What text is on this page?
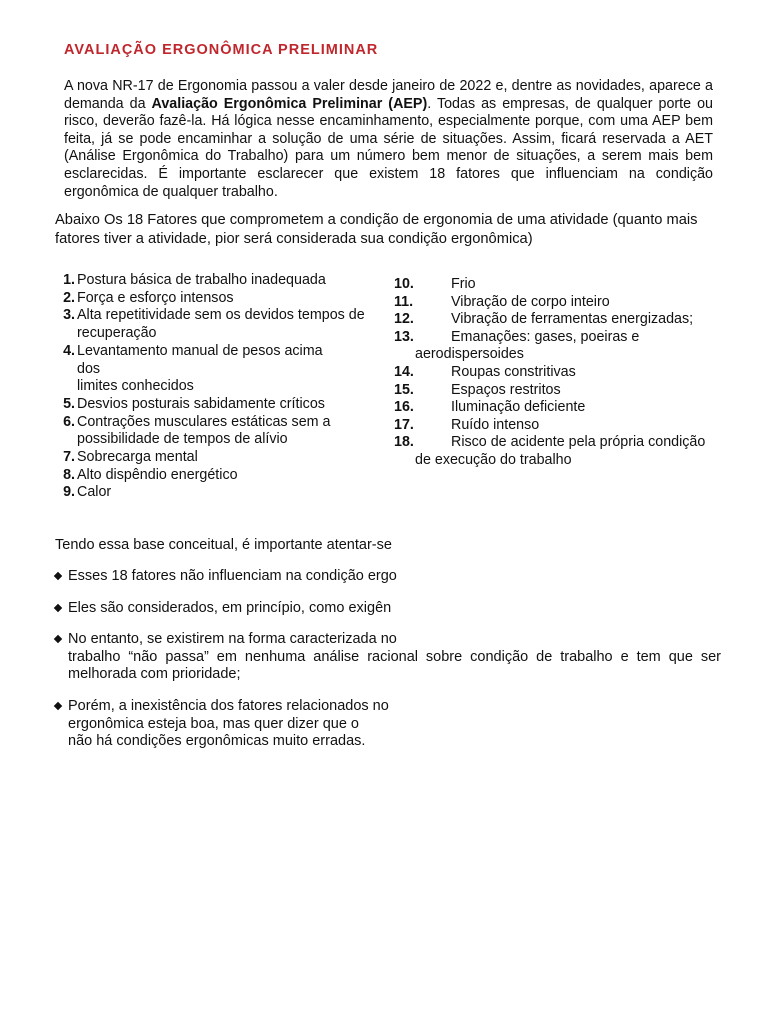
AVALIAÇÃO ERGONÔMICA PRELIMINAR

A nova NR-17 de Ergonomia passou a valer desde janeiro de 2022 e, dentre as novidades, aparece a demanda da Avaliação Ergonômica Preliminar (AEP). Todas as empresas, de qualquer porte ou risco, deverão fazê-la. Há lógica nesse encaminhamento, especialmente porque, com uma AEP bem feita, já se pode encaminhar a solução de uma série de situações. Assim, ficará reservada a AET (Análise Ergonômica do Trabalho) para um número bem menor de situações, a serem mais bem esclarecidas. É importante esclarecer que existem 18 fatores que influenciam na condição ergonômica de qualquer trabalho.

Abaixo Os 18 Fatores que comprometem a condição de ergonomia de uma atividade (quanto mais fatores tiver a atividade, pior será considerada sua condição ergonômica)

1. Postura básica de trabalho inadequada
2. Força e esforço intensos
3. Alta repetitividade sem os devidos tempos de recuperação
4. Levantamento manual de pesos acima dos
limites conhecidos
5. Desvios posturais sabidamente críticos
6. Contrações musculares estáticas sem a possibilidade de tempos de alívio
7. Sobrecarga mental
8. Alto dispêndio energético
9. Calor
10.	Frio
11.	Vibração de corpo inteiro
12.	Vibração de ferramentas energizadas;
13.	Emanações: gases, poeiras e
aerodispersoides
14.	Roupas constritivas
15.	Espaços restritos
16.	Iluminação deficiente
17.	Ruído intenso
18.	Risco de acidente pela própria condição
de execução do trabalho

Tendo essa base conceitual, é importante atentar-se

Esses 18 fatores não influenciam na condição ergo
Eles são considerados, em princípio, como exigên
No entanto, se existirem na forma caracterizada no
trabalho “não passa” em nenhuma análise racional sobre condição de trabalho e tem que ser melhorada com prioridade;
Porém, a inexistência dos fatores relacionados no
ergonômica esteja boa, mas quer dizer que o
não há condições ergonômicas muito erradas.
